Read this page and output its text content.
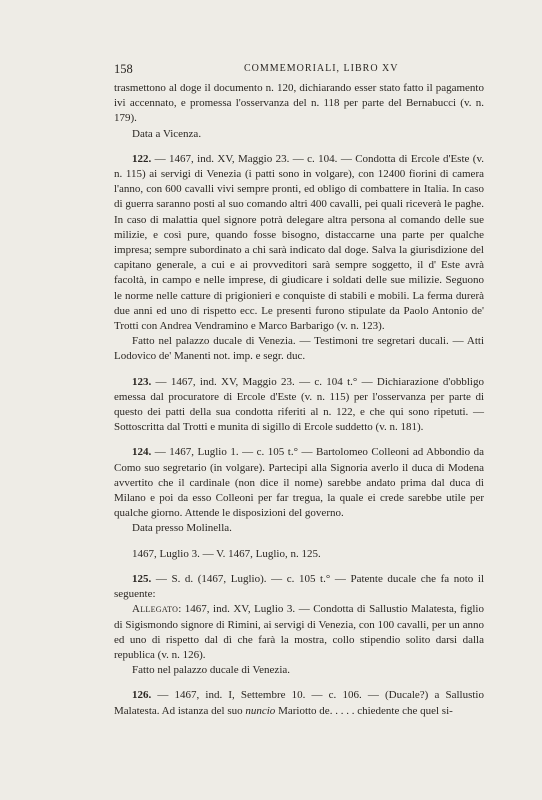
158	COMMEMORIALI, LIBRO XV

trasmettono al doge il documento n. 120, dichiarando esser stato fatto il pagamento ivi accennato, e promessa l'osservanza del n. 118 per parte del Bernabucci (v. n. 179).

Data a Vicenza.

122. — 1467, ind. XV, Maggio 23. — c. 104. — Condotta di Ercole d'Este (v. n. 115) ai servigi di Venezia (i patti sono in volgare), con 12400 fiorini di camera l'anno, con 600 cavalli vivi sempre pronti, ed obligo di combattere in Italia. In caso di guerra saranno posti al suo comando altri 400 cavalli, pei quali riceverà le paghe. In caso di malattia quel signore potrà delegare altra persona al comando delle sue milizie, e così pure, quando fosse bisogno, distaccarne una parte per qualche impresa; sempre subordinato a chi sarà indicato dal doge. Salva la giurisdizione del capitano generale, a cui e ai provveditori sarà sempre soggetto, il d' Este avrà facoltà, in campo e nelle imprese, di giudicare i soldati delle sue milizie. Seguono le norme nelle catture di prigionieri e conquiste di stabili e mobili. La ferma durerà due anni ed uno di rispetto ecc. Le presenti furono stipulate da Paolo Antonio de' Trotti con Andrea Vendramino e Marco Barbarigo (v. n. 123).

Fatto nel palazzo ducale di Venezia. — Testimoni tre segretari ducali. — Atti Lodovico de' Manenti not. imp. e segr. duc.

123. — 1467, ind. XV, Maggio 23. — c. 104 t.° — Dichiarazione d'obbligo emessa dal procuratore di Ercole d'Este (v. n. 115) per l'osservanza per parte di questo dei patti della sua condotta riferiti al n. 122, e che qui sono ripetuti. — Sottoscritta dal Trotti e munita di sigillo di Ercole suddetto (v. n. 181).

124. — 1467, Luglio 1. — c. 105 t.° — Bartolomeo Colleoni ad Abbondio da Como suo segretario (in volgare). Partecipi alla Signoria averlo il duca di Modena avvertito che il cardinale (non dice il nome) sarebbe andato prima dal duca di Milano e poi da esso Colleoni per far tregua, la quale ei crede sarebbe utile per qualche giorno. Attende le disposizioni del governo.

Data presso Molinella.

1467, Luglio 3. — V. 1467, Luglio, n. 125.

125. — S. d. (1467, Luglio). — c. 105 t.° — Patente ducale che fa noto il seguente:

Allegato: 1467, ind. XV, Luglio 3. — Condotta di Sallustio Malatesta, figlio di Sigismondo signore di Rimini, ai servigi di Venezia, con 100 cavalli, per un anno ed uno di rispetto dal dì che farà la mostra, collo stipendio solito darsi dalla republica (v. n. 126).

Fatto nel palazzo ducale di Venezia.

126. — 1467, ind. I, Settembre 10. — c. 106. — (Ducale?) a Sallustio Malatesta. Ad istanza del suo nuncio Mariotto de. . . . . chiedente che quel si-
